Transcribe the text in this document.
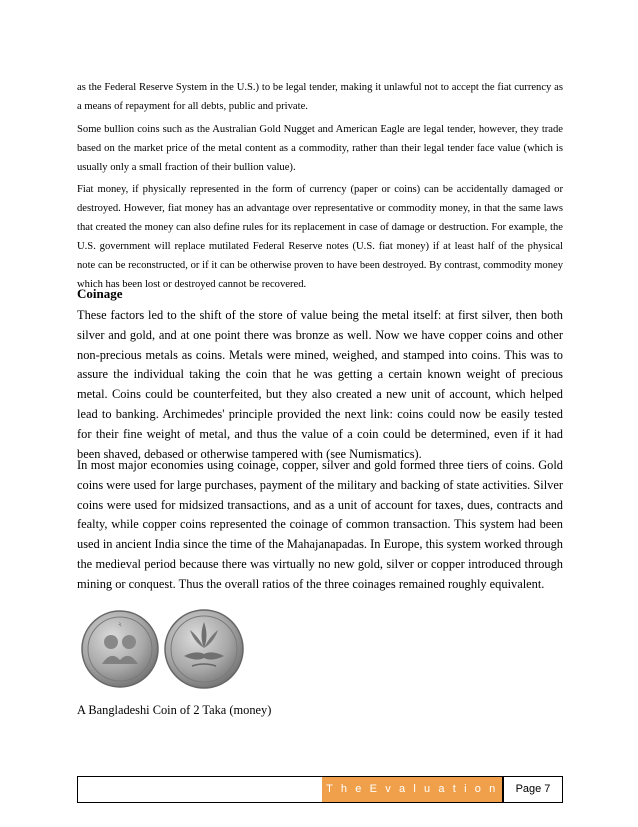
as the Federal Reserve System in the U.S.) to be legal tender, making it unlawful not to accept the fiat currency as a means of repayment for all debts, public and private.

Some bullion coins such as the Australian Gold Nugget and American Eagle are legal tender, however, they trade based on the market price of the metal content as a commodity, rather than their legal tender face value (which is usually only a small fraction of their bullion value).

Fiat money, if physically represented in the form of currency (paper or coins) can be accidentally damaged or destroyed. However, fiat money has an advantage over representative or commodity money, in that the same laws that created the money can also define rules for its replacement in case of damage or destruction. For example, the U.S. government will replace mutilated Federal Reserve notes (U.S. fiat money) if at least half of the physical note can be reconstructed, or if it can be otherwise proven to have been destroyed. By contrast, commodity money which has been lost or destroyed cannot be recovered.

Coinage

These factors led to the shift of the store of value being the metal itself: at first silver, then both silver and gold, and at one point there was bronze as well. Now we have copper coins and other non-precious metals as coins. Metals were mined, weighed, and stamped into coins. This was to assure the individual taking the coin that he was getting a certain known weight of precious metal. Coins could be counterfeited, but they also created a new unit of account, which helped lead to banking. Archimedes' principle provided the next link: coins could now be easily tested for their fine weight of metal, and thus the value of a coin could be determined, even if it had been shaved, debased or otherwise tampered with (see Numismatics).

In most major economies using coinage, copper, silver and gold formed three tiers of coins. Gold coins were used for large purchases, payment of the military and backing of state activities. Silver coins were used for midsized transactions, and as a unit of account for taxes, dues, contracts and fealty, while copper coins represented the coinage of common transaction. This system had been used in ancient India since the time of the Mahajanapadas. In Europe, this system worked through the medieval period because there was virtually no new gold, silver or copper introduced through mining or conquest. Thus the overall ratios of the three coinages remained roughly equivalent.

২

A Bangladeshi Coin of 2 Taka (money)

T h e E v a l u a t i o n o f m o n e y
Page 7
